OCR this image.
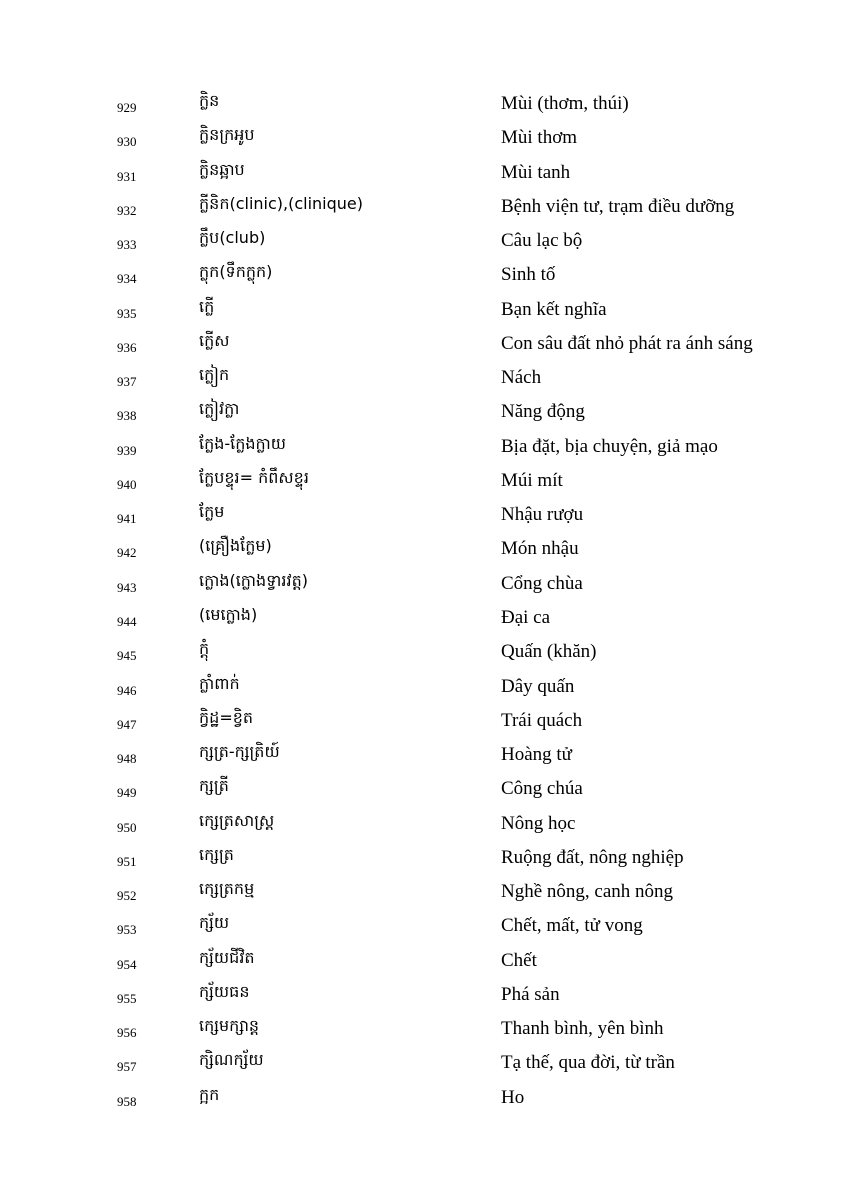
929	ក្លិន	Mùi (thơm, thúi)
930	ក្លិនក្រអូប	Mùi thơm
931	ក្លិនឆ្អាប	Mùi tanh
932	ក្លីនិក(clinic),(clinique)	Bệnh viện tư, trạm điều dưỡng
933	ក្លឹប(club)	Câu lạc bộ
934	ក្លុក(ទឹកក្លុក)	Sinh tố
935	ក្លើ	Bạn kết nghĩa
936	ក្លើស	Con sâu đất nhỏ phát ra ánh sáng
937	ក្លៀក	Nách
938	ក្លៀវក្លា	Năng động
939	ក្លែង-ក្លែងក្លាយ	Bịa đặt, bịa chuyện, giả mạo
940	ក្លែបខ្ទុរ= កំពឹសខ្ទុរ	Múi mít
941	ក្លែម	Nhậu rượu
942	(គ្រឿងក្លែម)	Món nhậu
943	ក្លោង(ក្លោងទ្វារវត្ត)	Cổng chùa
944	(មេក្លោង)	Đại ca
945	ក្តុំ	Quấn (khăn)
946	ក្លាំពាក់	Dây quấn
947	ក្វិដ្ឋ=ខ្វិត	Trái quách
948	ក្សត្រ-ក្សត្រិយ៍	Hoàng tử
949	ក្សត្រី	Công chúa
950	ក្សេត្រសាស្ត្រ	Nông học
951	ក្សេត្រ	Ruộng đất, nông nghiệp
952	ក្សេត្រកម្ម	Nghề nông, canh nông
953	ក្ស័យ	Chết, mất, tử vong
954	ក្ស័យជីវិត	Chết
955	ក្ស័យធន	Phá sản
956	ក្សេមក្សាន្ត	Thanh bình, yên bình
957	ក្សិណក្ស័យ	Tạ thế, qua đời, từ trần
958	ក្អក	Ho
